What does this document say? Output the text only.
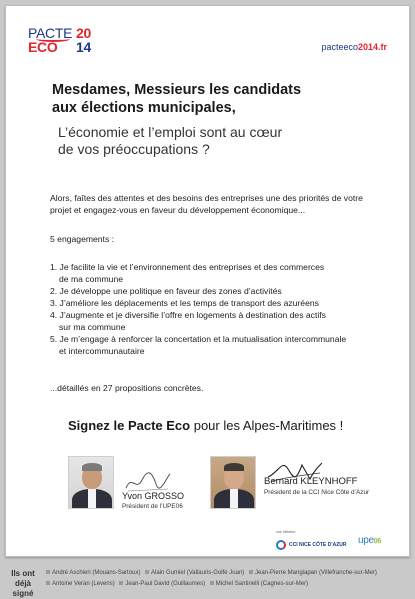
PACTE 20
ECO 14	pacteeco2014.fr
Mesdames, Messieurs les candidats
aux élections municipales,
L’économie et l’emploi sont au cœur
de vos préoccupations ?

Alors, faîtes des attentes et des besoins des entreprises une des priorités de votre
projet et engagez-vous en faveur du développement économique...

5 engagements :

1. Je facilite la vie et l’environnement des entreprises et des commerces
de ma commune
2. Je développe une politique en faveur des zones d’activités
3. J’améliore les déplacements et les temps de transport des azuréens
4. J’augmente et je diversifie l’offre en logements à destination des actifs
sur ma commune
5. Je m’engage à renforcer la concertation et la mutualisation intercommunale
et intercommunautaire

...détaillés en 27 propositions concrètes.

Signez le Pacte Eco pour les Alpes-Maritimes !

Yvon GROSSO
Président de l’UPE06
Bernard KLEYNHOFF
Président de la CCI Nice Côte d’Azur
une initiative
CCI NICE CÔTE D’AZUR upe06
Ils ont
déjà signé
André Aschieri (Mouans-Sartoux) Alain Gumiel (Vallauris-Golfe Juan) Jean-Pierre Mangiapan (Villefranche-sur-Mer) Antoine Veran (Levens) Jean-Paul David (Guillaumes) Michel Santinelli (Cagnes-sur-Mer)
